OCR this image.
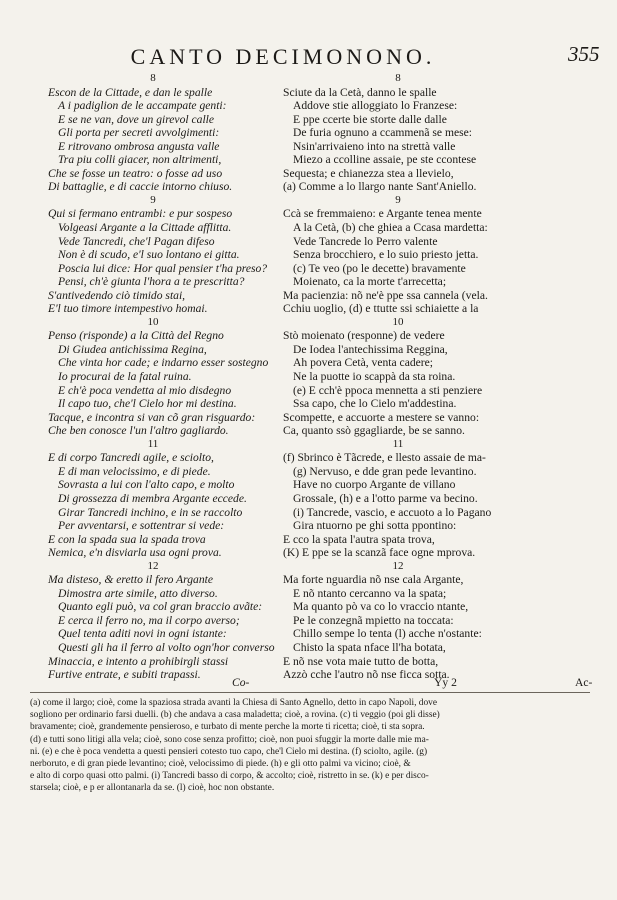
CANTO DECIMONONO.	355
8
Escon de la Cittade, e dan le spalle
A i padiglion de le accampate genti:
E se ne van, dove un girevol calle
Gli porta per secreti avvolgimenti:
E ritrovano ombrosa angusta valle
Tra piu colli giacer, non altrimenti,
Che se fosse un teatro: o fosse ad uso
Di battaglie, e di caccie intorno chiuso.
9
Qui si fermano entrambi: e pur sospeso
Volgeasi Argante a la Cittade afflitta.
Vede Tancredi, che'l Pagan difeso
Non è di scudo, e'l suo lontano ei gitta.
Poscia lui dice: Hor qual pensier t'ha preso?
Pensi, ch'è giunta l'hora a te prescritta?
S'antivedendo ciò timido stai,
E'l tuo timore intempestivo homai.
10
Penso (risponde) a la Città del Regno
Di Giudea antichissima Regina,
Che vinta hor cade; e indarno esser sostegno
Io procurai de la fatal ruina.
E ch'è poca vendetta al mio disdegno
Il capo tuo, che'l Cielo hor mi destina.
Tacque, e incontra si van cõ gran risguardo:
Che ben conosce l'un l'altro gagliardo.
11
E di corpo Tancredi agile, e sciolto,
E di man velocissimo, e di piede.
Sovrasta a lui con l'alto capo, e molto
Di grossezza di membra Argante eccede.
Girar Tancredi inchino, e in se raccolto
Per avventarsi, e sottentrar si vede:
E con la spada sua la spada trova
Nemica, e'n disviarla usa ogni prova.
12
Ma disteso, & eretto il fero Argante
Dimostra arte simile, atto diverso.
Quanto egli può, va col gran braccio avãte:
E cerca il ferro no, ma il corpo averso;
Quel tenta aditi novi in ogni istante:
Questi gli ha il ferro al volto ogn'hor converso
Minaccia, e intento a prohibirgli stassi
Furtive entrate, e subiti trapassi.
8
Sciute da la Cetà, danno le spalle
Addove stie alloggiato lo Franzese:
E ppe ccerte bie storte dalle dalle
De furia ognuno a ccammenã se mese:
Nsin'arrivaieno into na strettà valle
Miezo a ccolline assaie, pe ste ccontese
Sequesta; e chianezza stea a llevielo,
(a) Comme a lo llargo nante Sant'Aniello.
9
Ccà se fremmaieno: e Argante tenea mente
A la Cetà, (b) che ghiea a Ccasa mardetta:
Vede Tancrede lo Perro valente
Senza brocchiero, e lo suio priesto jetta.
(c) Te veo (po le decette) bravamente
Moienato, ca la morte t'arrecetta;
Ma pacienzia: nõ ne'è ppe ssa cannela (vela.
Cchiu uoglio, (d) e ttutte ssi schiaiette a la
10
Stò moienato (responne) de vedere
De Iodea l'antechissima Reggina,
Ah povera Cetà, venta cadere;
Ne la puotte io scappà da sta roina.
(e) E cch'è ppoca mennetta a sti penziere
Ssa capo, che lo Cielo m'addestina.
Scompette, e accuorte a mestere se vanno:
Ca, quanto ssò ggagliarde, be se sanno.
11
(f) Sbrinco è Tãcrede, e llesto assaie de ma-
(g) Nervuso, e dde gran pede levantino.
Have no cuorpo Argante de villano
Grossale, (h) e a l'otto parme va becino.
(i) Tancrede, vascio, e accuoto a lo Pagano
Gira ntuorno pe ghi sotta ppontino:
E cco la spata l'autra spata trova,
(K) E ppe se la scanzã face ogne mprova.
12
Ma forte nguardia nõ nse cala Argante,
E nõ ntanto cercanno va la spata;
Ma quanto pò va co lo vraccio ntante,
Pe le conzegnã mpietto na toccata:
Chillo sempe lo tenta (l) acche n'ostante:
Chisto la spata nface ll'ha botata,
E nõ nse vota maie tutto de botta,
Azzò cche l'autro nõ nse ficca sotta.
Co-	Yy 2	Ac-
(a) come il largo; cioè, come la spaziosa strada avanti la Chiesa di Santo Agnello, detto in capo Napoli, dove
sogliono per ordinario farsi duelli. (b) che andava a casa maladetta; cioè, a rovina. (c) ti veggio (poi gli disse)
bravamente; cioè, grandemente pensieroso, e turbato di mente perche la morte ti ricetta; cioè, ti sta sopra.
(d) e tutti sono litigi alla vela; cioè, sono cose senza profitto; cioè, non puoi sfuggir la morte dalle mie ma-
ni. (e) e che è poca vendetta a questi pensieri cotesto tuo capo, che'l Cielo mi destina. (f) sciolto, agile. (g)
nerboruto, e di gran piede levantino; cioè, velocissimo di piede. (h) e gli otto palmi va vicino; cioè, &
e alto di corpo quasi otto palmi. (i) Tancredi basso di corpo, & accolto; cioè, ristretto in se. (k) e per disco-
starsela; cioè, e p er allontanarla da se. (l) cioè, hoc non obstante.
